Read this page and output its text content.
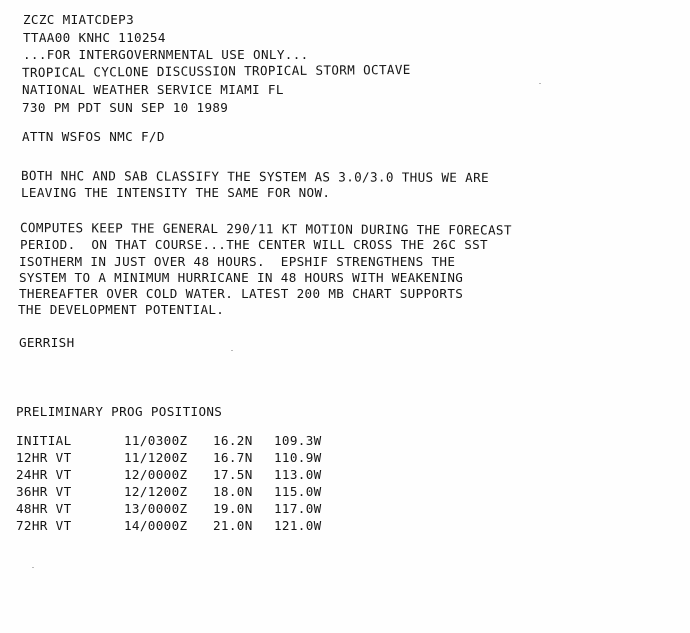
ZCZC MIATCDEP3

TTAA00 KNHC 110254

...FOR INTERGOVERNMENTAL USE ONLY...

TROPICAL CYCLONE DISCUSSION TROPICAL STORM OCTAVE

NATIONAL WEATHER SERVICE MIAMI FL

730 PM PDT SUN SEP 10 1989

ATTN WSFOS NMC F/D

BOTH NHC AND SAB CLASSIFY THE SYSTEM AS 3.0/3.0 THUS WE ARE

LEAVING THE INTENSITY THE SAME FOR NOW.

COMPUTES KEEP THE GENERAL 290/11 KT MOTION DURING THE FORECAST

PERIOD.  ON THAT COURSE...THE CENTER WILL CROSS THE 26C SST

ISOTHERM IN JUST OVER 48 HOURS.  EPSHIF STRENGTHENS THE

SYSTEM TO A MINIMUM HURRICANE IN 48 HOURS WITH WEAKENING

THEREAFTER OVER COLD WATER. LATEST 200 MB CHART SUPPORTS

THE DEVELOPMENT POTENTIAL.

GERRISH

PRELIMINARY PROG POSITIONS

INITIAL	11/0300Z 16.2N 109.3W
12HR VT	11/1200Z 16.7N 110.9W
24HR VT	12/0000Z 17.5N 113.0W
36HR VT	12/1200Z 18.0N 115.0W
48HR VT	13/0000Z 19.0N 117.0W
72HR VT	14/0000Z 21.0N 121.0W
